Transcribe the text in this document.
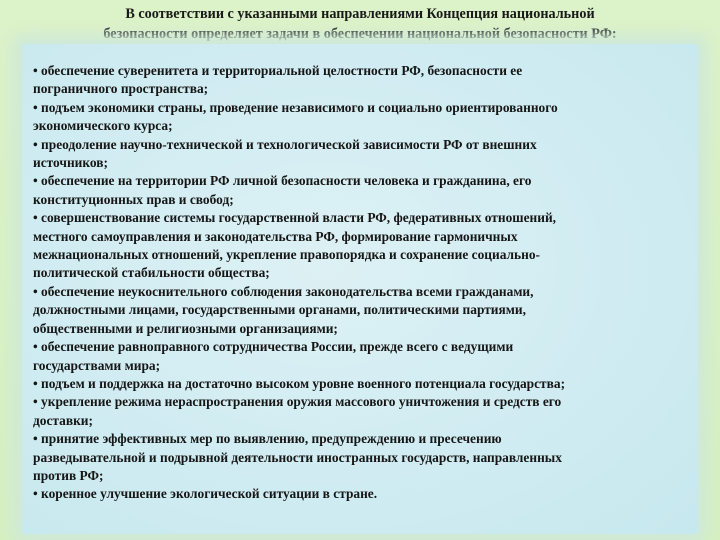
В соответствии с указанными направлениями Концепция национальной
безопасности определяет задачи в обеспечении национальной безопасности РФ:
• обеспечение суверенитета и территориальной целостности РФ, безопасности ее
пограничного пространства;
• подъем экономики страны, проведение независимого и социально ориентированного
экономического курса;
• преодоление научно-технической и технологической зависимости РФ от внешних
источников;
• обеспечение на территории РФ личной безопасности человека и гражданина, его
конституционных прав и свобод;
• совершенствование системы государственной власти РФ, федеративных отношений,
местного самоуправления и законодательства РФ, формирование гармоничных
межнациональных отношений, укрепление правопорядка и сохранение социально-
политической стабильности общества;
• обеспечение неукоснительного соблюдения законодательства всеми гражданами,
должностными лицами, государственными органами, политическими партиями,
общественными и религиозными организациями;
• обеспечение равноправного сотрудничества России, прежде всего с ведущими
государствами мира;
• подъем и поддержка на достаточно высоком уровне военного потенциала государства;
• укрепление режима нераспространения оружия массового уничтожения и средств его
доставки;
• принятие эффективных мер по выявлению, предупреждению и пресечению
разведывательной и подрывной деятельности иностранных государств, направленных
против РФ;
• коренное улучшение экологической ситуации в стране.
